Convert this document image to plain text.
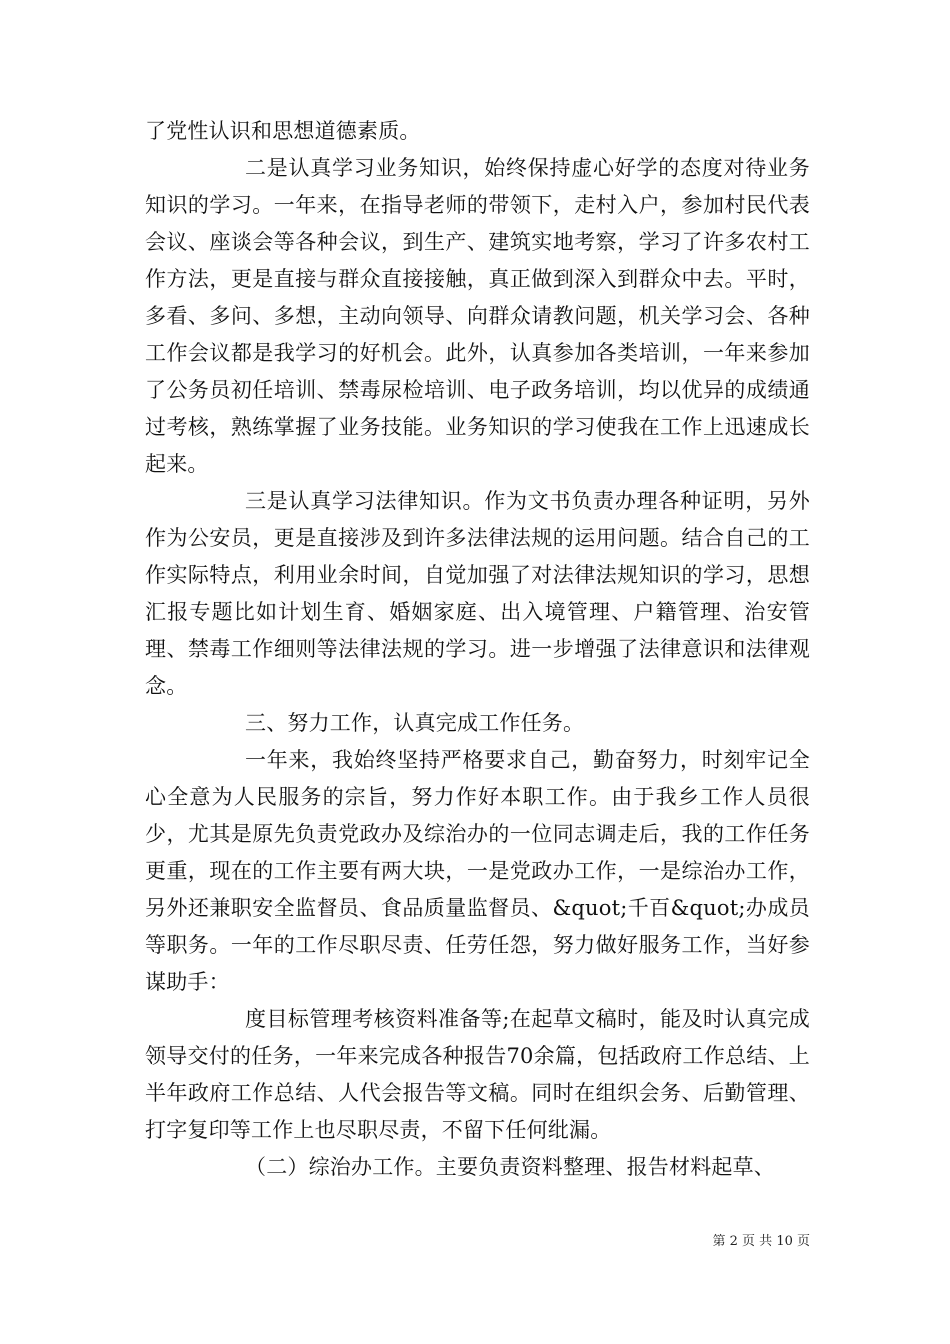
了党性认识和思想道德素质。

二是认真学习业务知识，始终保持虚心好学的态度对待业务知识的学习。一年来，在指导老师的带领下，走村入户，参加村民代表会议、座谈会等各种会议，到生产、建筑实地考察，学习了许多农村工作方法，更是直接与群众直接接触，真正做到深入到群众中去。平时，多看、多问、多想，主动向领导、向群众请教问题，机关学习会、各种工作会议都是我学习的好机会。此外，认真参加各类培训，一年来参加了公务员初任培训、禁毒尿检培训、电子政务培训，均以优异的成绩通过考核，熟练掌握了业务技能。业务知识的学习使我在工作上迅速成长起来。

三是认真学习法律知识。作为文书负责办理各种证明，另外作为公安员，更是直接涉及到许多法律法规的运用问题。结合自己的工作实际特点，利用业余时间，自觉加强了对法律法规知识的学习，思想汇报专题比如计划生育、婚姻家庭、出入境管理、户籍管理、治安管理、禁毒工作细则等法律法规的学习。进一步增强了法律意识和法律观念。

三、努力工作，认真完成工作任务。

一年来，我始终坚持严格要求自己，勤奋努力，时刻牢记全心全意为人民服务的宗旨，努力作好本职工作。由于我乡工作人员很少，尤其是原先负责党政办及综治办的一位同志调走后，我的工作任务更重，现在的工作主要有两大块，一是党政办工作，一是综治办工作，另外还兼职安全监督员、食品质量监督员、&quot;千百&quot;办成员等职务。一年的工作尽职尽责、任劳任怨，努力做好服务工作，当好参谋助手：

度目标管理考核资料准备等;在起草文稿时，能及时认真完成领导交付的任务，一年来完成各种报告70余篇，包括政府工作总结、上半年政府工作总结、人代会报告等文稿。同时在组织会务、后勤管理、打字复印等工作上也尽职尽责，不留下任何纰漏。

（二）综治办工作。主要负责资料整理、报告材料起草、

第 2 页 共 10 页
